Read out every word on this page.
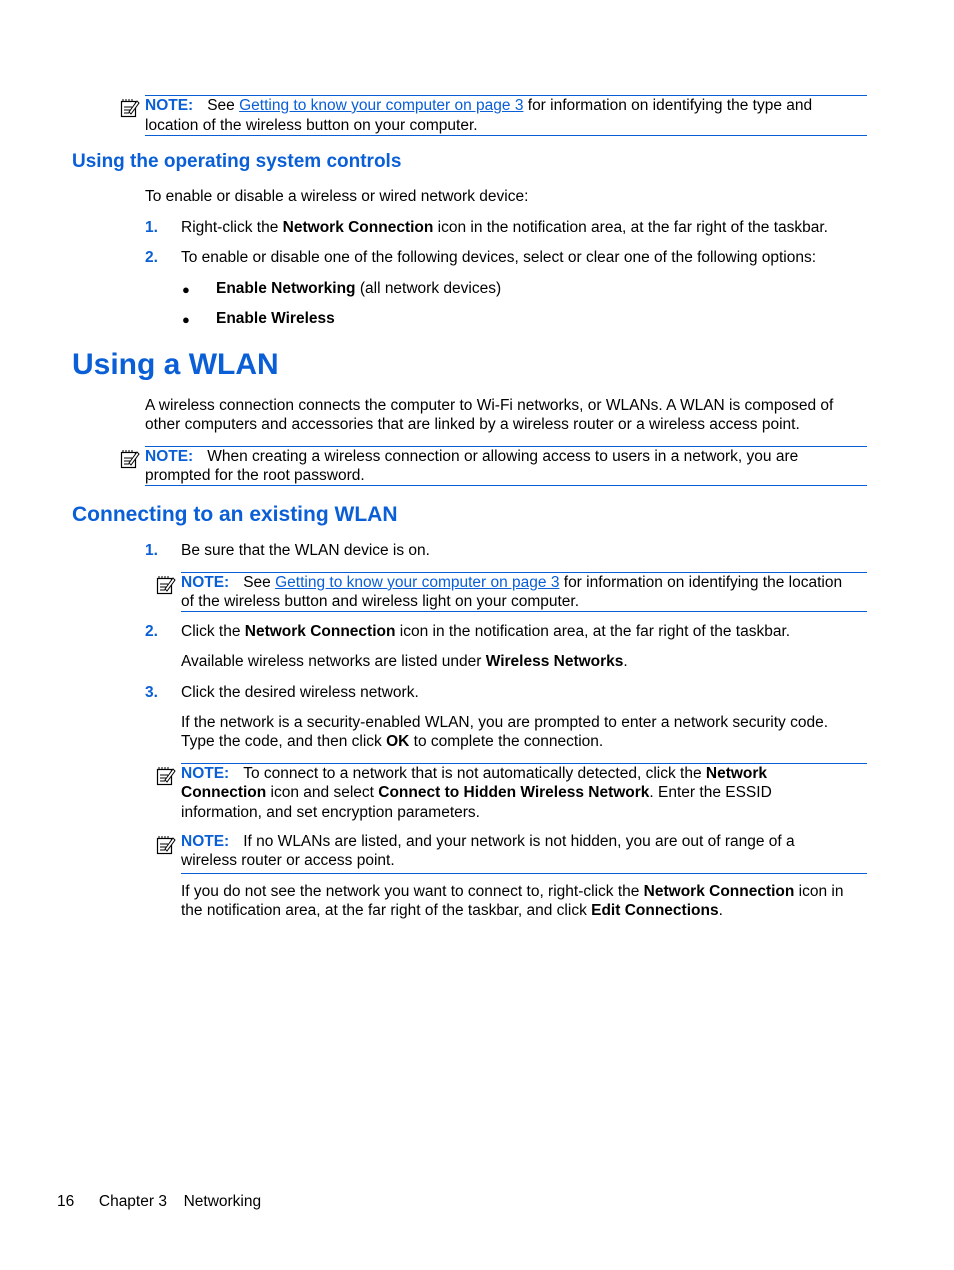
NOTE: See Getting to know your computer on page 3 for information on identifying the type and
location of the wireless button on your computer.
Using the operating system controls
To enable or disable a wireless or wired network device:
1. Right-click the Network Connection icon in the notification area, at the far right of the taskbar.
2. To enable or disable one of the following devices, select or clear one of the following options:
● Enable Networking (all network devices)
● Enable Wireless
Using a WLAN
A wireless connection connects the computer to Wi-Fi networks, or WLANs. A WLAN is composed of
other computers and accessories that are linked by a wireless router or a wireless access point.
NOTE: When creating a wireless connection or allowing access to users in a network, you are
prompted for the root password.
Connecting to an existing WLAN
1. Be sure that the WLAN device is on.
NOTE: See Getting to know your computer on page 3 for information on identifying the location
of the wireless button and wireless light on your computer.
2. Click the Network Connection icon in the notification area, at the far right of the taskbar.
Available wireless networks are listed under Wireless Networks.
3. Click the desired wireless network.
If the network is a security-enabled WLAN, you are prompted to enter a network security code.
Type the code, and then click OK to complete the connection.
NOTE: To connect to a network that is not automatically detected, click the Network
Connection icon and select Connect to Hidden Wireless Network. Enter the ESSID
information, and set encryption parameters.
NOTE: If no WLANs are listed, and your network is not hidden, you are out of range of a
wireless router or access point.
If you do not see the network you want to connect to, right-click the Network Connection icon in
the notification area, at the far right of the taskbar, and click Edit Connections.
16 Chapter 3 Networking
